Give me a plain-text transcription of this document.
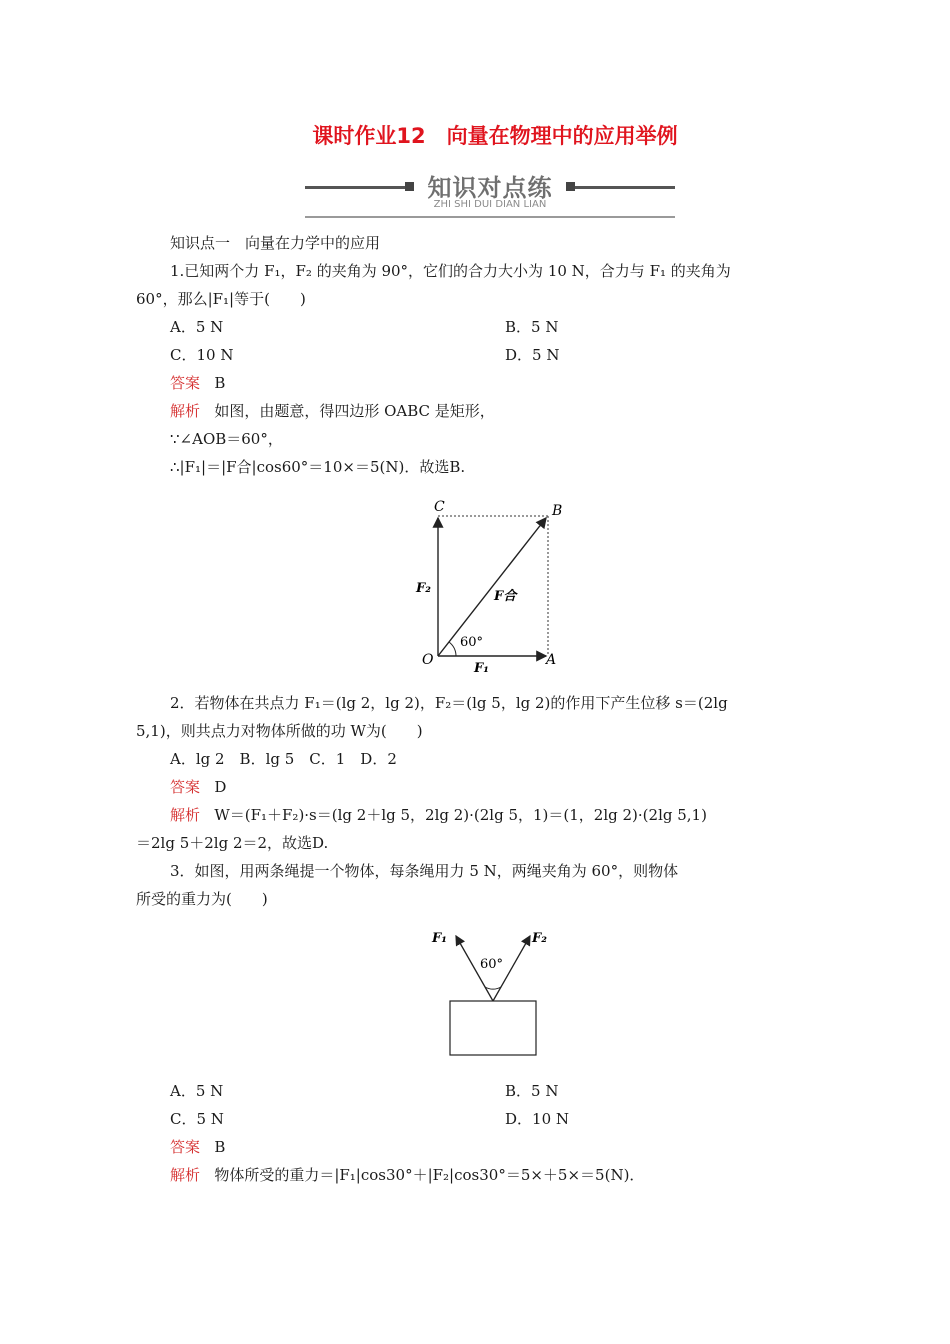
课时作业12　向量在物理中的应用举例
知识对点练
ZHI SHI DUI DIAN LIAN
知识点一　向量在力学中的应用
1.已知两个力 F₁，F₂ 的夹角为 90°，它们的合力大小为 10 N，合力与 F₁ 的夹角为
60°，那么|F₁|等于(　　)
A．5 N	B．5 N
C．10 N	D．5 N
答案 B
解析 如图，由题意，得四边形 OABC 是矩形，
∵∠AOB＝60°，
∴|F₁|＝|F合|cos60°＝10×＝5(N)．故选B.
C	B
O	A
F₂
F₁
F合
60°
2．若物体在共点力 F₁＝(lg 2，lg 2)，F₂＝(lg 5，lg 2)的作用下产生位移 s＝(2lg
5,1)，则共点力对物体所做的功 W为(　　)
A．lg 2　B．lg 5　C．1　D．2
答案 D
解析 W＝(F₁＋F₂)·s＝(lg 2＋lg 5，2lg 2)·(2lg 5，1)＝(1，2lg 2)·(2lg 5,1)
＝2lg 5＋2lg 2＝2，故选D.
3．如图，用两条绳提一个物体，每条绳用力 5 N，两绳夹角为 60°，则物体
所受的重力为(　　)
F₁	F₂
60°
A．5 N	B．5 N
C．5 N	D．10 N
答案 B
解析 物体所受的重力＝|F₁|cos30°＋|F₂|cos30°＝5×＋5×＝5(N)．
